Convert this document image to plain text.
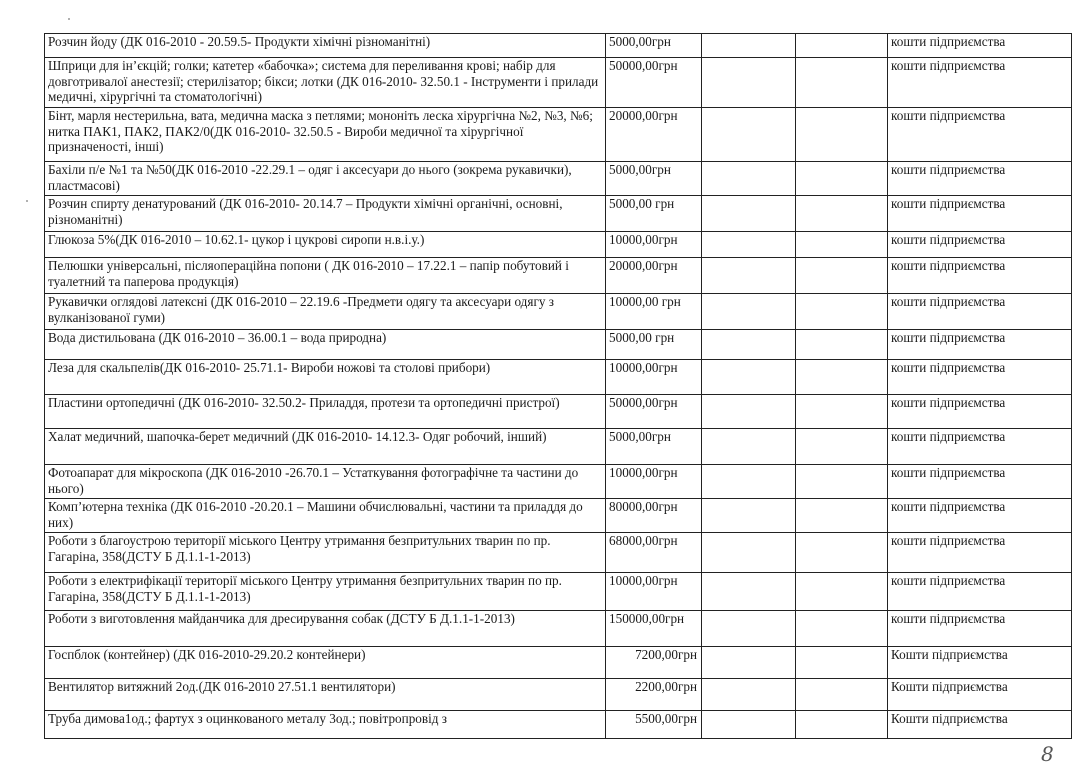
Розчин йоду (ДК 016-2010 - 20.59.5- Продукти хімічні різноманітні)	5000,00грн			кошти підприємства
Шприци для ін’єкцій; голки; катетер «бабочка»; система для переливання крові; набір для довготривалої анестезії; стерилізатор; бікси; лотки (ДК 016-2010- 32.50.1 - Інструменти і прилади медичні, хірургічні та стоматологічні)	50000,00грн			кошти підприємства
Бінт, марля нестерильна, вата, медична маска з петлями; мононіть леска хірургічна №2, №3, №6; нитка ПАК1, ПАК2, ПАК2/0(ДК 016-2010- 32.50.5 - Вироби медичної та хірургічної призначеності, інші)	20000,00грн			кошти підприємства
Бахіли п/е №1 та №50(ДК 016-2010 -22.29.1 – одяг і аксесуари до нього (зокрема рукавички), пластмасові)	5000,00грн			кошти підприємства
Розчин спирту денатурований (ДК 016-2010- 20.14.7 – Продукти хімічні органічні, основні, різноманітні)	5000,00 грн			кошти підприємства
Глюкоза 5%(ДК 016-2010 – 10.62.1- цукор і цукрові сиропи н.в.і.у.)	10000,00грн			кошти підприємства
Пелюшки універсальні, післяопераційна попони ( ДК 016-2010 – 17.22.1 – папір побутовий і туалетний та паперова продукція)	20000,00грн			кошти підприємства
Рукавички оглядові латексні (ДК 016-2010 – 22.19.6 -Предмети одягу та аксесуари одягу з вулканізованої гуми)	10000,00 грн			кошти підприємства
Вода дистильована (ДК 016-2010 – 36.00.1 – вода природна)	5000,00 грн			кошти підприємства
Леза для скальпелів(ДК 016-2010- 25.71.1- Вироби ножові та столові прибори)	10000,00грн			кошти підприємства
Пластини ортопедичні (ДК 016-2010- 32.50.2- Приладдя, протези та ортопедичні пристрої)	50000,00грн			кошти підприємства
Халат медичний, шапочка-берет медичний (ДК 016-2010- 14.12.3- Одяг робочий, інший)	5000,00грн			кошти підприємства
Фотоапарат для мікроскопа (ДК 016-2010 -26.70.1 – Устаткування фотографічне та частини до нього)	10000,00грн			кошти підприємства
Комп’ютерна техніка (ДК 016-2010 -20.20.1 – Машини обчислювальні, частини та приладдя до них)	80000,00грн			кошти підприємства
Роботи з благоустрою території міського Центру утримання безпритульних тварин по пр. Гагаріна, 358(ДСТУ Б Д.1.1-1-2013)	68000,00грн			кошти підприємства
Роботи з електрифікації території міського Центру утримання безпритульних тварин по пр. Гагаріна, 358(ДСТУ Б Д.1.1-1-2013)	10000,00грн			кошти підприємства
Роботи з виготовлення майданчика для дресирування собак (ДСТУ Б Д.1.1-1-2013)	150000,00грн			кошти підприємства
Госпблок (контейнер) (ДК 016-2010-29.20.2 контейнери)	7200,00грн			Кошти підприємства
Вентилятор витяжний 2од.(ДК 016-2010 27.51.1 вентилятори)	2200,00грн			Кошти підприємства
Труба димова1од.; фартух з оцинкованого металу 3од.; повітропровід з	5500,00грн			Кошти підприємства
8
